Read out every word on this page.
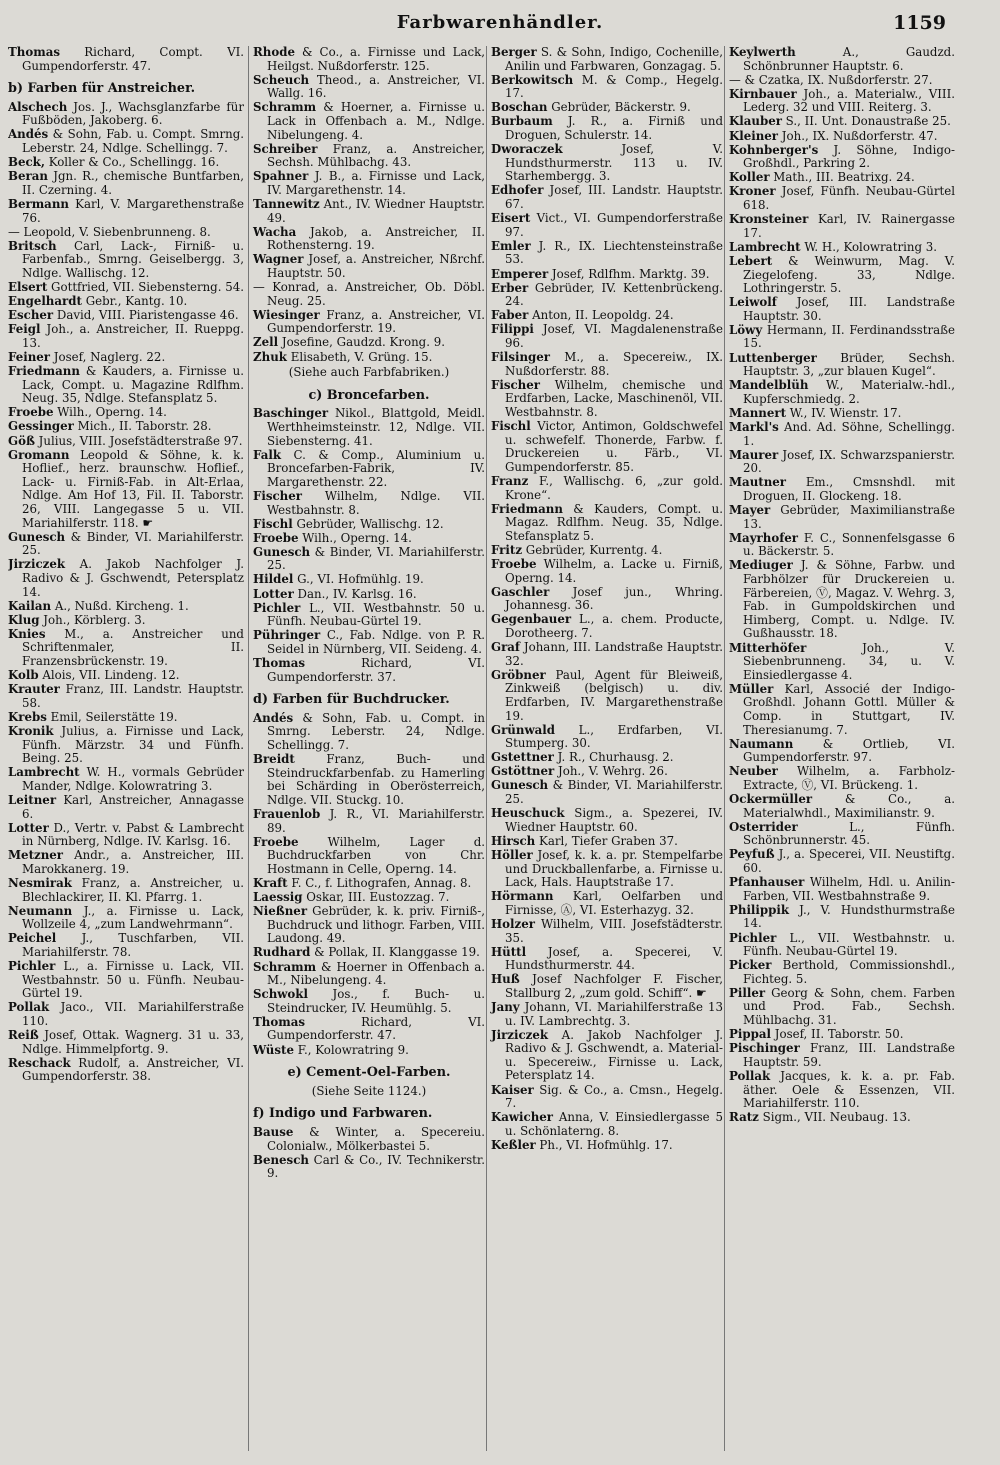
Farbwarenhändler.	1159
Thomas Richard, Compt. VI. Gumpendorferstr. 47.
b) Farben für Anstreicher.
Alschech Jos. J., Wachsglanzfarbe für Fußböden, Jakoberg. 6.
Andés & Sohn, Fab. u. Compt. Smrng. Leberstr. 24, Ndlge. Schellingg. 7.
Beck, Koller & Co., Schellingg. 16.
Beran Jgn. R., chemische Buntfarben, II. Czerning. 4.
Bermann Karl, V. Margarethenstraße 76.
— Leopold, V. Siebenbrunneng. 8.
Britsch Carl, Lack-, Firniß- u. Farbenfab., Smrng. Geiselbergg. 3, Ndlge. Wallischg. 12.
Elsert Gottfried, VII. Siebensterng. 54.
Engelhardt Gebr., Kantg. 10.
Escher David, VIII. Piaristengasse 46.
Feigl Joh., a. Anstreicher, II. Rueppg. 13.
Feiner Josef, Naglerg. 22.
Friedmann & Kauders, a. Firnisse u. Lack, Compt. u. Magazine Rdlfhm. Neug. 35, Ndlge. Stefansplatz 5.
Froebe Wilh., Operng. 14.
Gessinger Mich., II. Taborstr. 28.
Göß Julius, VIII. Josefstädterstraße 97.
Gromann Leopold & Söhne, k. k. Hoflief., herz. braunschw. Hoflief., Lack- u. Firniß-Fab. in Alt-Erlaa, Ndlge. Am Hof 13, Fil. II. Taborstr. 26, VIII. Langegasse 5 u. VII. Mariahilferstr. 118. ☛
Gunesch & Binder, VI. Mariahilferstr. 25.
Jirziczek A. Jakob Nachfolger J. Radivo & J. Gschwendt, Petersplatz 14.
Kailan A., Nußd. Kircheng. 1.
Klug Joh., Körblerg. 3.
Knies M., a. Anstreicher und Schriftenmaler, II. Franzensbrückenstr. 19.
Kolb Alois, VII. Lindeng. 12.
Krauter Franz, III. Landstr. Hauptstr. 58.
Krebs Emil, Seilerstätte 19.
Kronik Julius, a. Firnisse und Lack, Fünfh. Märzstr. 34 und Fünfh. Being. 25.
Lambrecht W. H., vormals Gebrüder Mander, Ndlge. Kolowratring 3.
Leitner Karl, Anstreicher, Annagasse 6.
Lotter D., Vertr. v. Pabst & Lambrecht in Nürnberg, Ndlge. IV. Karlsg. 16.
Metzner Andr., a. Anstreicher, III. Marokkanerg. 19.
Nesmirak Franz, a. Anstreicher, u. Blechlackirer, II. Kl. Pfarrg. 1.
Neumann J., a. Firnisse u. Lack, Wollzeile 4, „zum Landwehrmann“.
Peichel J., Tuschfarben, VII. Mariahilferstr. 78.
Pichler L., a. Firnisse u. Lack, VII. Westbahnstr. 50 u. Fünfh. Neubau-Gürtel 19.
Pollak Jaco., VII. Mariahilferstraße 110.
Reiß Josef, Ottak. Wagnerg. 31 u. 33, Ndlge. Himmelpfortg. 9.
Reschack Rudolf, a. Anstreicher, VI. Gumpendorferstr. 38.
Rhode & Co., a. Firnisse und Lack, Heilgst. Nußdorferstr. 125.
Scheuch Theod., a. Anstreicher, VI. Wallg. 16.
Schramm & Hoerner, a. Firnisse u. Lack in Offenbach a. M., Ndlge. Nibelungeng. 4.
Schreiber Franz, a. Anstreicher, Sechsh. Mühlbachg. 43.
Spahner J. B., a. Firnisse und Lack, IV. Margarethenstr. 14.
Tannewitz Ant., IV. Wiedner Hauptstr. 49.
Wacha Jakob, a. Anstreicher, II. Rothensterng. 19.
Wagner Josef, a. Anstreicher, Nßrchf. Hauptstr. 50.
— Konrad, a. Anstreicher, Ob. Döbl. Neug. 25.
Wiesinger Franz, a. Anstreicher, VI. Gumpendorferstr. 19.
Zell Josefine, Gaudzd. Krong. 9.
Zhuk Elisabeth, V. Grüng. 15.
(Siehe auch Farbfabriken.)
c) Broncefarben.
Baschinger Nikol., Blattgold, Meidl. Werthheimsteinstr. 12, Ndlge. VII. Siebensterng. 41.
Falk C. & Comp., Aluminium u. Broncefarben-Fabrik, IV. Margarethenstr. 22.
Fischer Wilhelm, Ndlge. VII. Westbahnstr. 8.
Fischl Gebrüder, Wallischg. 12.
Froebe Wilh., Operng. 14.
Gunesch & Binder, VI. Mariahilferstr. 25.
Hildel G., VI. Hofmühlg. 19.
Lotter Dan., IV. Karlsg. 16.
Pichler L., VII. Westbahnstr. 50 u. Fünfh. Neubau-Gürtel 19.
Pühringer C., Fab. Ndlge. von P. R. Seidel in Nürnberg, VII. Seideng. 4.
Thomas Richard, VI. Gumpendorferstr. 37.
d) Farben für Buchdrucker.
Andés & Sohn, Fab. u. Compt. in Smrng. Leberstr. 24, Ndlge. Schellingg. 7.
Breidt Franz, Buch- und Steindruckfarbenfab. zu Hamerling bei Schärding in Oberösterreich, Ndlge. VII. Stuckg. 10.
Frauenlob J. R., VI. Mariahilferstr. 89.
Froebe Wilhelm, Lager d. Buchdruckfarben von Chr. Hostmann in Celle, Operng. 14.
Kraft F. C., f. Lithografen, Annag. 8.
Laessig Oskar, III. Eustozzag. 7.
Nießner Gebrüder, k. k. priv. Firniß-, Buchdruck und lithogr. Farben, VIII. Laudong. 49.
Rudhard & Pollak, II. Klanggasse 19.
Schramm & Hoerner in Offenbach a. M., Nibelungeng. 4.
Schwokl Jos., f. Buch- u. Steindrucker, IV. Heumühlg. 5.
Thomas Richard, VI. Gumpendorferstr. 47.
Wüste F., Kolowratring 9.
e) Cement-Oel-Farben.
(Siehe Seite 1124.)
f) Indigo und Farbwaren.
Bause & Winter, a. Specereiu. Colonialw., Mölkerbastei 5.
Benesch Carl & Co., IV. Technikerstr. 9.
Berger S. & Sohn, Indigo, Cochenille, Anilin und Farbwaren, Gonzagag. 5.
Berkowitsch M. & Comp., Hegelg. 17.
Boschan Gebrüder, Bäckerstr. 9.
Burbaum J. R., a. Firniß und Droguen, Schulerstr. 14.
Dworaczek Josef, V. Hundsthurmerstr. 113 u. IV. Starhembergg. 3.
Edhofer Josef, III. Landstr. Hauptstr. 67.
Eisert Vict., VI. Gumpendorferstraße 97.
Emler J. R., IX. Liechtensteinstraße 53.
Emperer Josef, Rdlfhm. Marktg. 39.
Erber Gebrüder, IV. Kettenbrückeng. 24.
Faber Anton, II. Leopoldg. 24.
Filippi Josef, VI. Magdalenenstraße 96.
Filsinger M., a. Specereiw., IX. Nußdorferstr. 88.
Fischer Wilhelm, chemische und Erdfarben, Lacke, Maschinenöl, VII. Westbahnstr. 8.
Fischl Victor, Antimon, Goldschwefel u. schwefelf. Thonerde, Farbw. f. Druckereien u. Färb., VI. Gumpendorferstr. 85.
Franz F., Wallischg. 6, „zur gold. Krone“.
Friedmann & Kauders, Compt. u. Magaz. Rdlfhm. Neug. 35, Ndlge. Stefansplatz 5.
Fritz Gebrüder, Kurrentg. 4.
Froebe Wilhelm, a. Lacke u. Firniß, Operng. 14.
Gaschler Josef jun., Whring. Johannesg. 36.
Gegenbauer L., a. chem. Producte, Dorotheerg. 7.
Graf Johann, III. Landstraße Hauptstr. 32.
Gröbner Paul, Agent für Bleiweiß, Zinkweiß (belgisch) u. div. Erdfarben, IV. Margarethenstraße 19.
Grünwald L., Erdfarben, VI. Stumperg. 30.
Gstettner J. R., Churhausg. 2.
Gstöttner Joh., V. Wehrg. 26.
Gunesch & Binder, VI. Mariahilferstr. 25.
Heuschuck Sigm., a. Spezerei, IV. Wiedner Hauptstr. 60.
Hirsch Karl, Tiefer Graben 37.
Höller Josef, k. k. a. pr. Stempelfarbe und Druckballenfarbe, a. Firnisse u. Lack, Hals. Hauptstraße 17.
Hörmann Karl, Oelfarben und Firnisse, Ⓐ, VI. Esterhazyg. 32.
Holzer Wilhelm, VIII. Josefstädterstr. 35.
Hüttl Josef, a. Specerei, V. Hundsthurmerstr. 44.
Huß Josef Nachfolger F. Fischer, Stallburg 2, „zum gold. Schiff“. ☛
Jany Johann, VI. Mariahilferstraße 13 u. IV. Lambrechtg. 3.
Jirziczek A. Jakob Nachfolger J. Radivo & J. Gschwendt, a. Material- u. Specereiw., Firnisse u. Lack, Petersplatz 14.
Kaiser Sig. & Co., a. Cmsn., Hegelg. 7.
Kawicher Anna, V. Einsiedlergasse 5 u. Schönlaterng. 8.
Keßler Ph., VI. Hofmühlg. 17.
Keylwerth A., Gaudzd. Schönbrunner Hauptstr. 6.
— & Czatka, IX. Nußdorferstr. 27.
Kirnbauer Joh., a. Materialw., VIII. Lederg. 32 und VIII. Reiterg. 3.
Klauber S., II. Unt. Donaustraße 25.
Kleiner Joh., IX. Nußdorferstr. 47.
Kohnberger's J. Söhne, Indigo-Großhdl., Parkring 2.
Koller Math., III. Beatrixg. 24.
Kroner Josef, Fünfh. Neubau-Gürtel 618.
Kronsteiner Karl, IV. Rainergasse 17.
Lambrecht W. H., Kolowratring 3.
Lebert & Weinwurm, Mag. V. Ziegelofeng. 33, Ndlge. Lothringerstr. 5.
Leiwolf Josef, III. Landstraße Hauptstr. 30.
Löwy Hermann, II. Ferdinandsstraße 15.
Luttenberger Brüder, Sechsh. Hauptstr. 3, „zur blauen Kugel“.
Mandelblüh W., Materialw.-hdl., Kupferschmiedg. 2.
Mannert W., IV. Wienstr. 17.
Markl's And. Ad. Söhne, Schellingg. 1.
Maurer Josef, IX. Schwarzspanierstr. 20.
Mautner Em., Cmsnshdl. mit Droguen, II. Glockeng. 18.
Mayer Gebrüder, Maximilianstraße 13.
Mayrhofer F. C., Sonnenfelsgasse 6 u. Bäckerstr. 5.
Mediuger J. & Söhne, Farbw. und Farbhölzer für Druckereien u. Färbereien, Ⓥ, Magaz. V. Wehrg. 3, Fab. in Gumpoldskirchen und Himberg, Compt. u. Ndlge. IV. Gußhausstr. 18.
Mitterhöfer Joh., V. Siebenbrunneng. 34, u. V. Einsiedlergasse 4.
Müller Karl, Associé der Indigo-Großhdl. Johann Gottl. Müller & Comp. in Stuttgart, IV. Theresianumg. 7.
Naumann & Ortlieb, VI. Gumpendorferstr. 97.
Neuber Wilhelm, a. Farbholz-Extracte, Ⓥ, VI. Brückeng. 1.
Ockermüller & Co., a. Materialwhdl., Maximilianstr. 9.
Osterrider L., Fünfh. Schönbrunnerstr. 45.
Peyfuß J., a. Specerei, VII. Neustiftg. 60.
Pfanhauser Wilhelm, Hdl. u. Anilin-Farben, VII. Westbahnstraße 9.
Philippik J., V. Hundsthurmstraße 14.
Pichler L., VII. Westbahnstr. u. Fünfh. Neubau-Gürtel 19.
Picker Berthold, Commissionshdl., Fichteg. 5.
Piller Georg & Sohn, chem. Farben und Prod. Fab., Sechsh. Mühlbachg. 31.
Pippal Josef, II. Taborstr. 50.
Pischinger Franz, III. Landstraße Hauptstr. 59.
Pollak Jacques, k. k. a. pr. Fab. äther. Oele & Essenzen, VII. Mariahilferstr. 110.
Ratz Sigm., VII. Neubaug. 13.
